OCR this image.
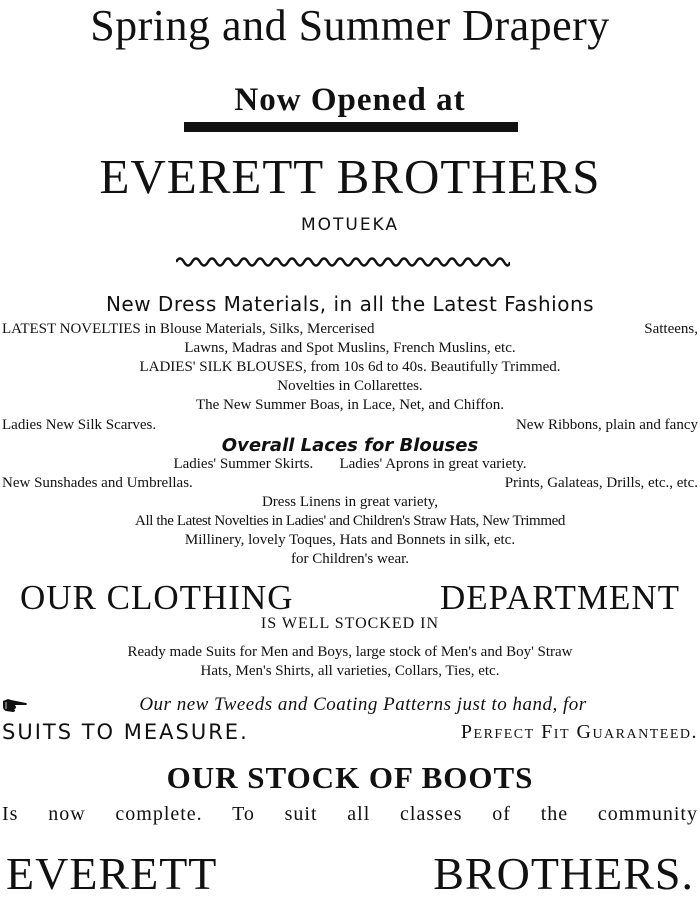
Spring and Summer Drapery
Now Opened at
EVERETT BROTHERS
MOTUEKA
New Dress Materials, in all the Latest Fashions
LATEST NOVELTIES in Blouse Materials, Silks, Mercerised	Satteens,
Lawns, Madras and Spot Muslins, French Muslins, etc.
LADIES' SILK BLOUSES, from 10s 6d to 40s. Beautifully Trimmed.
Novelties in Collarettes.
The New Summer Boas, in Lace, Net, and Chiffon.
Ladies New Silk Scarves.	New Ribbons, plain and fancy
Overall Laces for Blouses
Ladies' Summer Skirts.       Ladies' Aprons in great variety.
New Sunshades and Umbrellas.	Prints, Galateas, Drills, etc., etc.
Dress Linens in great variety,
All the Latest Novelties in Ladies' and Children's Straw Hats, New Trimmed
Millinery, lovely Toques, Hats and Bonnets in silk, etc.
for Children's wear.
OUR CLOTHING	DEPARTMENT
IS WELL STOCKED IN
Ready made Suits for Men and Boys, large stock of Men's and Boy' Straw
Hats, Men's Shirts, all varieties, Collars, Ties, etc.
Our new Tweeds and Coating Patterns just to hand, for
SUITS TO MEASURE.	Perfect Fit Guaranteed.
OUR STOCK OF BOOTS
Is now complete. To suit all classes of the community
EVERETT	BROTHERS.
